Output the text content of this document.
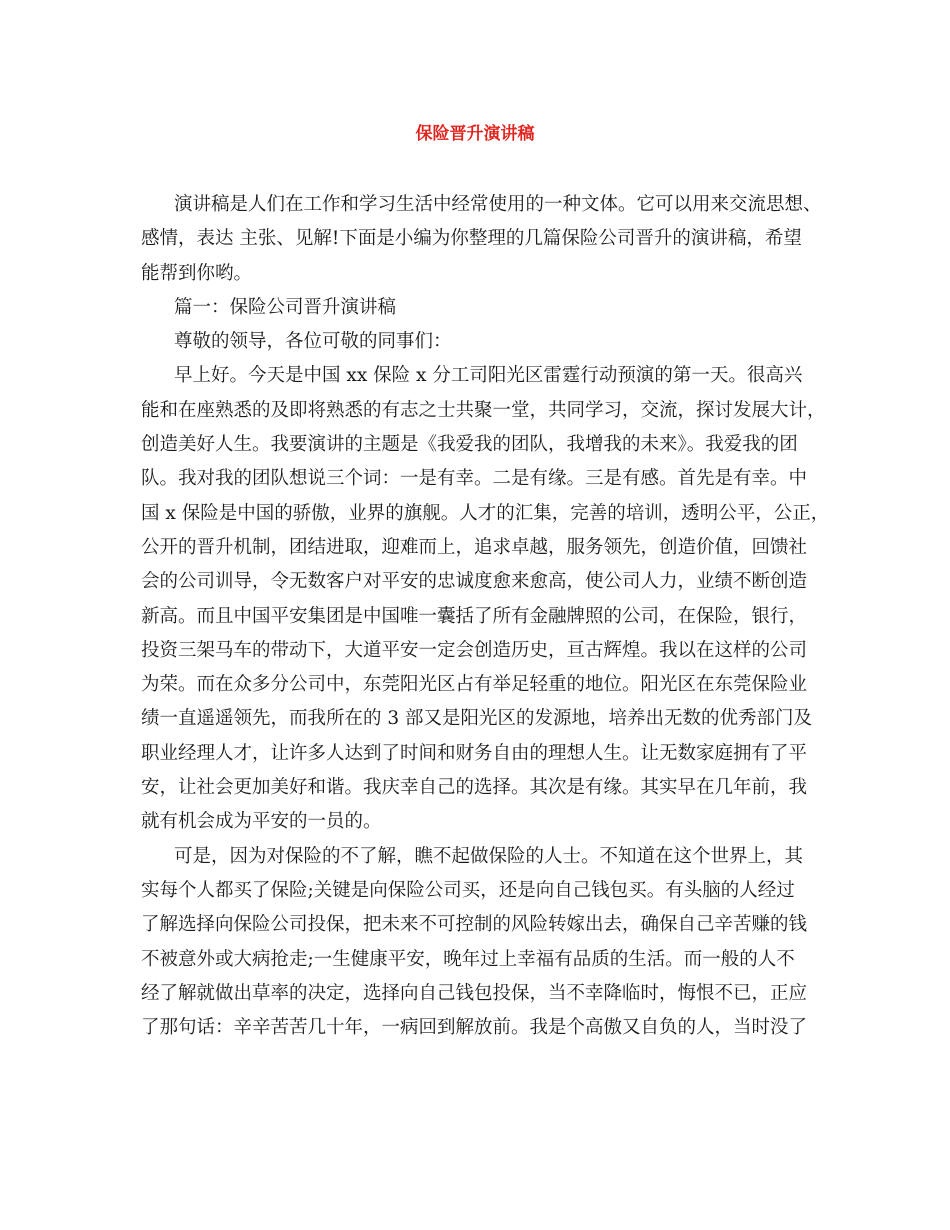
保险晋升演讲稿
演讲稿是人们在工作和学习生活中经常使用的一种文体。它可以用来交流思想、
感情，表达 主张、见解!下面是小编为你整理的几篇保险公司晋升的演讲稿，希望
能帮到你哟。
篇一：保险公司晋升演讲稿
尊敬的领导，各位可敬的同事们：
早上好。今天是中国 xx 保险 x 分工司阳光区雷霆行动预演的第一天。很高兴
能和在座熟悉的及即将熟悉的有志之士共聚一堂，共同学习，交流，探讨发展大计，
创造美好人生。我要演讲的主题是《我爱我的团队，我增我的未来》。我爱我的团
队。我对我的团队想说三个词：一是有幸。二是有缘。三是有感。首先是有幸。中
国 x 保险是中国的骄傲，业界的旗舰。人才的汇集，完善的培训，透明公平，公正，
公开的晋升机制，团结进取，迎难而上，追求卓越，服务领先，创造价值，回馈社
会的公司训导，令无数客户对平安的忠诚度愈来愈高，使公司人力，业绩不断创造
新高。而且中国平安集团是中国唯一囊括了所有金融牌照的公司，在保险，银行，
投资三架马车的带动下，大道平安一定会创造历史，亘古辉煌。我以在这样的公司
为荣。而在众多分公司中，东莞阳光区占有举足轻重的地位。阳光区在东莞保险业
绩一直遥遥领先，而我所在的 3 部又是阳光区的发源地，培养出无数的优秀部门及
职业经理人才，让许多人达到了时间和财务自由的理想人生。让无数家庭拥有了平
安，让社会更加美好和谐。我庆幸自己的选择。其次是有缘。其实早在几年前，我
就有机会成为平安的一员的。
可是，因为对保险的不了解，瞧不起做保险的人士。不知道在这个世界上，其
实每个人都买了保险;关键是向保险公司买，还是向自己钱包买。有头脑的人经过
了解选择向保险公司投保，把未来不可控制的风险转嫁出去，确保自己辛苦赚的钱
不被意外或大病抢走;一生健康平安，晚年过上幸福有品质的生活。而一般的人不
经了解就做出草率的决定，选择向自己钱包投保，当不幸降临时，悔恨不已，正应
了那句话：辛辛苦苦几十年，一病回到解放前。我是个高傲又自负的人，当时没了
